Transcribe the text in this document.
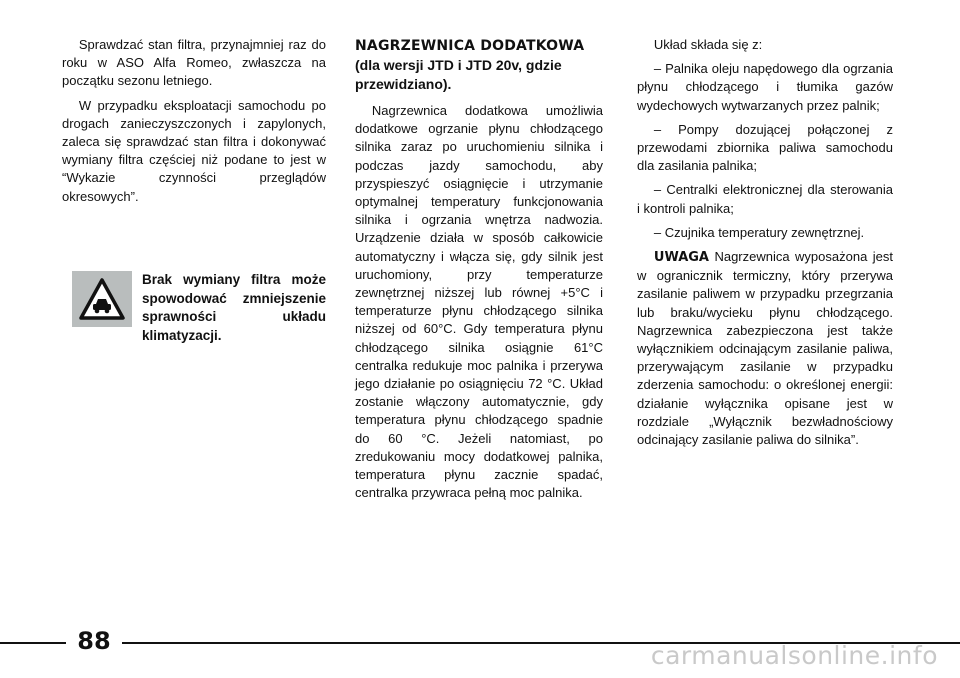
Sprawdzać stan filtra, przynajmniej raz do roku w ASO Alfa Romeo, zwłaszcza na początku sezonu letniego.

W przypadku eksploatacji samochodu po drogach zanieczyszczonych i zapylonych, zaleca się sprawdzać stan filtra i dokonywać wymiany filtra częściej niż podane to jest w “Wykazie czynności przeglądów okresowych”.

Brak wymiany filtra może spowodować zmniejszenie sprawności układu klimatyzacji.
NAGRZEWNICA DODATKOWA
(dla wersji JTD i JTD 20v, gdzie przewidziano).

Nagrzewnica dodatkowa umożliwia dodatkowe ogrzanie płynu chłodzącego silnika zaraz po uruchomieniu silnika i podczas jazdy samochodu, aby przyspieszyć osiągnięcie i utrzymanie optymalnej temperatury funkcjonowania silnika i ogrzania wnętrza nadwozia. Urządzenie działa w sposób całkowicie automatyczny i włącza się, gdy silnik jest uruchomiony, przy temperaturze zewnętrznej niższej lub równej +5°C i temperaturze płynu chłodzącego silnika niższej od 60°C. Gdy temperatura płynu chłodzącego silnika osiągnie 61°C centralka redukuje moc palnika i przerywa jego działanie po osiągnięciu 72 °C. Układ zostanie włączony automatycznie, gdy temperatura płynu chłodzącego spadnie do 60 °C. Jeżeli natomiast, po zredukowaniu mocy dodatkowej palnika, temperatura płynu zacznie spadać, centralka przywraca pełną moc palnika.

Układ składa się z:

– Palnika oleju napędowego dla ogrzania płynu chłodzącego i tłumika gazów wydechowych wytwarzanych przez palnik;

– Pompy dozującej połączonej z przewodami zbiornika paliwa samochodu dla zasilania palnika;

– Centralki elektronicznej dla sterowania i kontroli palnika;

– Czujnika temperatury zewnętrznej.

UWAGA Nagrzewnica wyposażona jest w ogranicznik termiczny, który przerywa zasilanie paliwem w przypadku przegrzania lub braku/wycieku płynu chłodzącego. Nagrzewnica zabezpieczona jest także wyłącznikiem odcinającym zasilanie paliwa, przerywającym zasilanie w przypadku zderzenia samochodu: o określonej energii: działanie wyłącznika opisane jest w rozdziale „Wyłącznik bezwładnościowy odcinający zasilanie paliwa do silnika”.

88	carmanualsonline.info
